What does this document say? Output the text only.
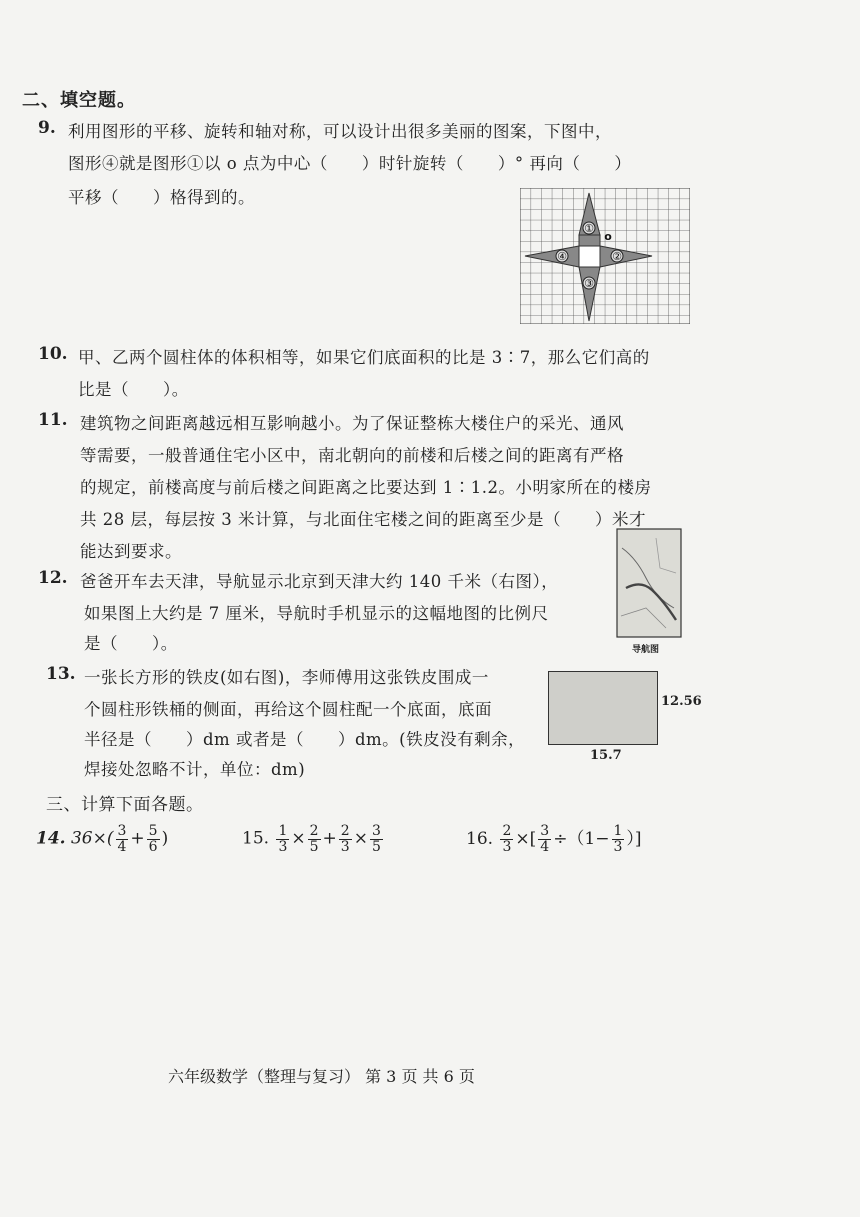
二、填空题。
9. 利用图形的平移、旋转和轴对称，可以设计出很多美丽的图案，下图中，
图形④就是图形①以 o 点为中心（　　）时针旋转（　　）° 再向（　　）
平移（　　）格得到的。
①
②
③
④
o
10. 甲、乙两个圆柱体的体积相等，如果它们底面积的比是 3∶7，那么它们高的
比是（　　）。
11. 建筑物之间距离越远相互影响越小。为了保证整栋大楼住户的采光、通风
等需要，一般普通住宅小区中，南北朝向的前楼和后楼之间的距离有严格
的规定，前楼高度与前后楼之间距离之比要达到 1∶1.2。小明家所在的楼房
共 28 层，每层按 3 米计算，与北面住宅楼之间的距离至少是（　　）米才
能达到要求。
12. 爸爸开车去天津，导航显示北京到天津大约 140 千米（右图），
如果图上大约是 7 厘米，导航时手机显示的这幅地图的比例尺
是（　　）。	导航图
13. 一张长方形的铁皮(如右图)，李师傅用这张铁皮围成一
个圆柱形铁桶的侧面，再给这个圆柱配一个底面，底面
半径是（　　）dm 或者是（　　）dm。(铁皮没有剩余，
焊接处忽略不计，单位：dm)
12.56
15.7
三、计算下面各题。
14. $36\times( \frac{3}{4} + \frac{5}{6}$ )	15. $\frac{1}{3} \times \frac{2}{5} + \frac{2}{3} \times \frac{3}{5}$	16. $\frac{2}{3}$ ×[ $\frac{3}{4} \div(1- \frac{1}{3}$ ）]
六年级数学（整理与复习） 第 3 页 共 6 页
